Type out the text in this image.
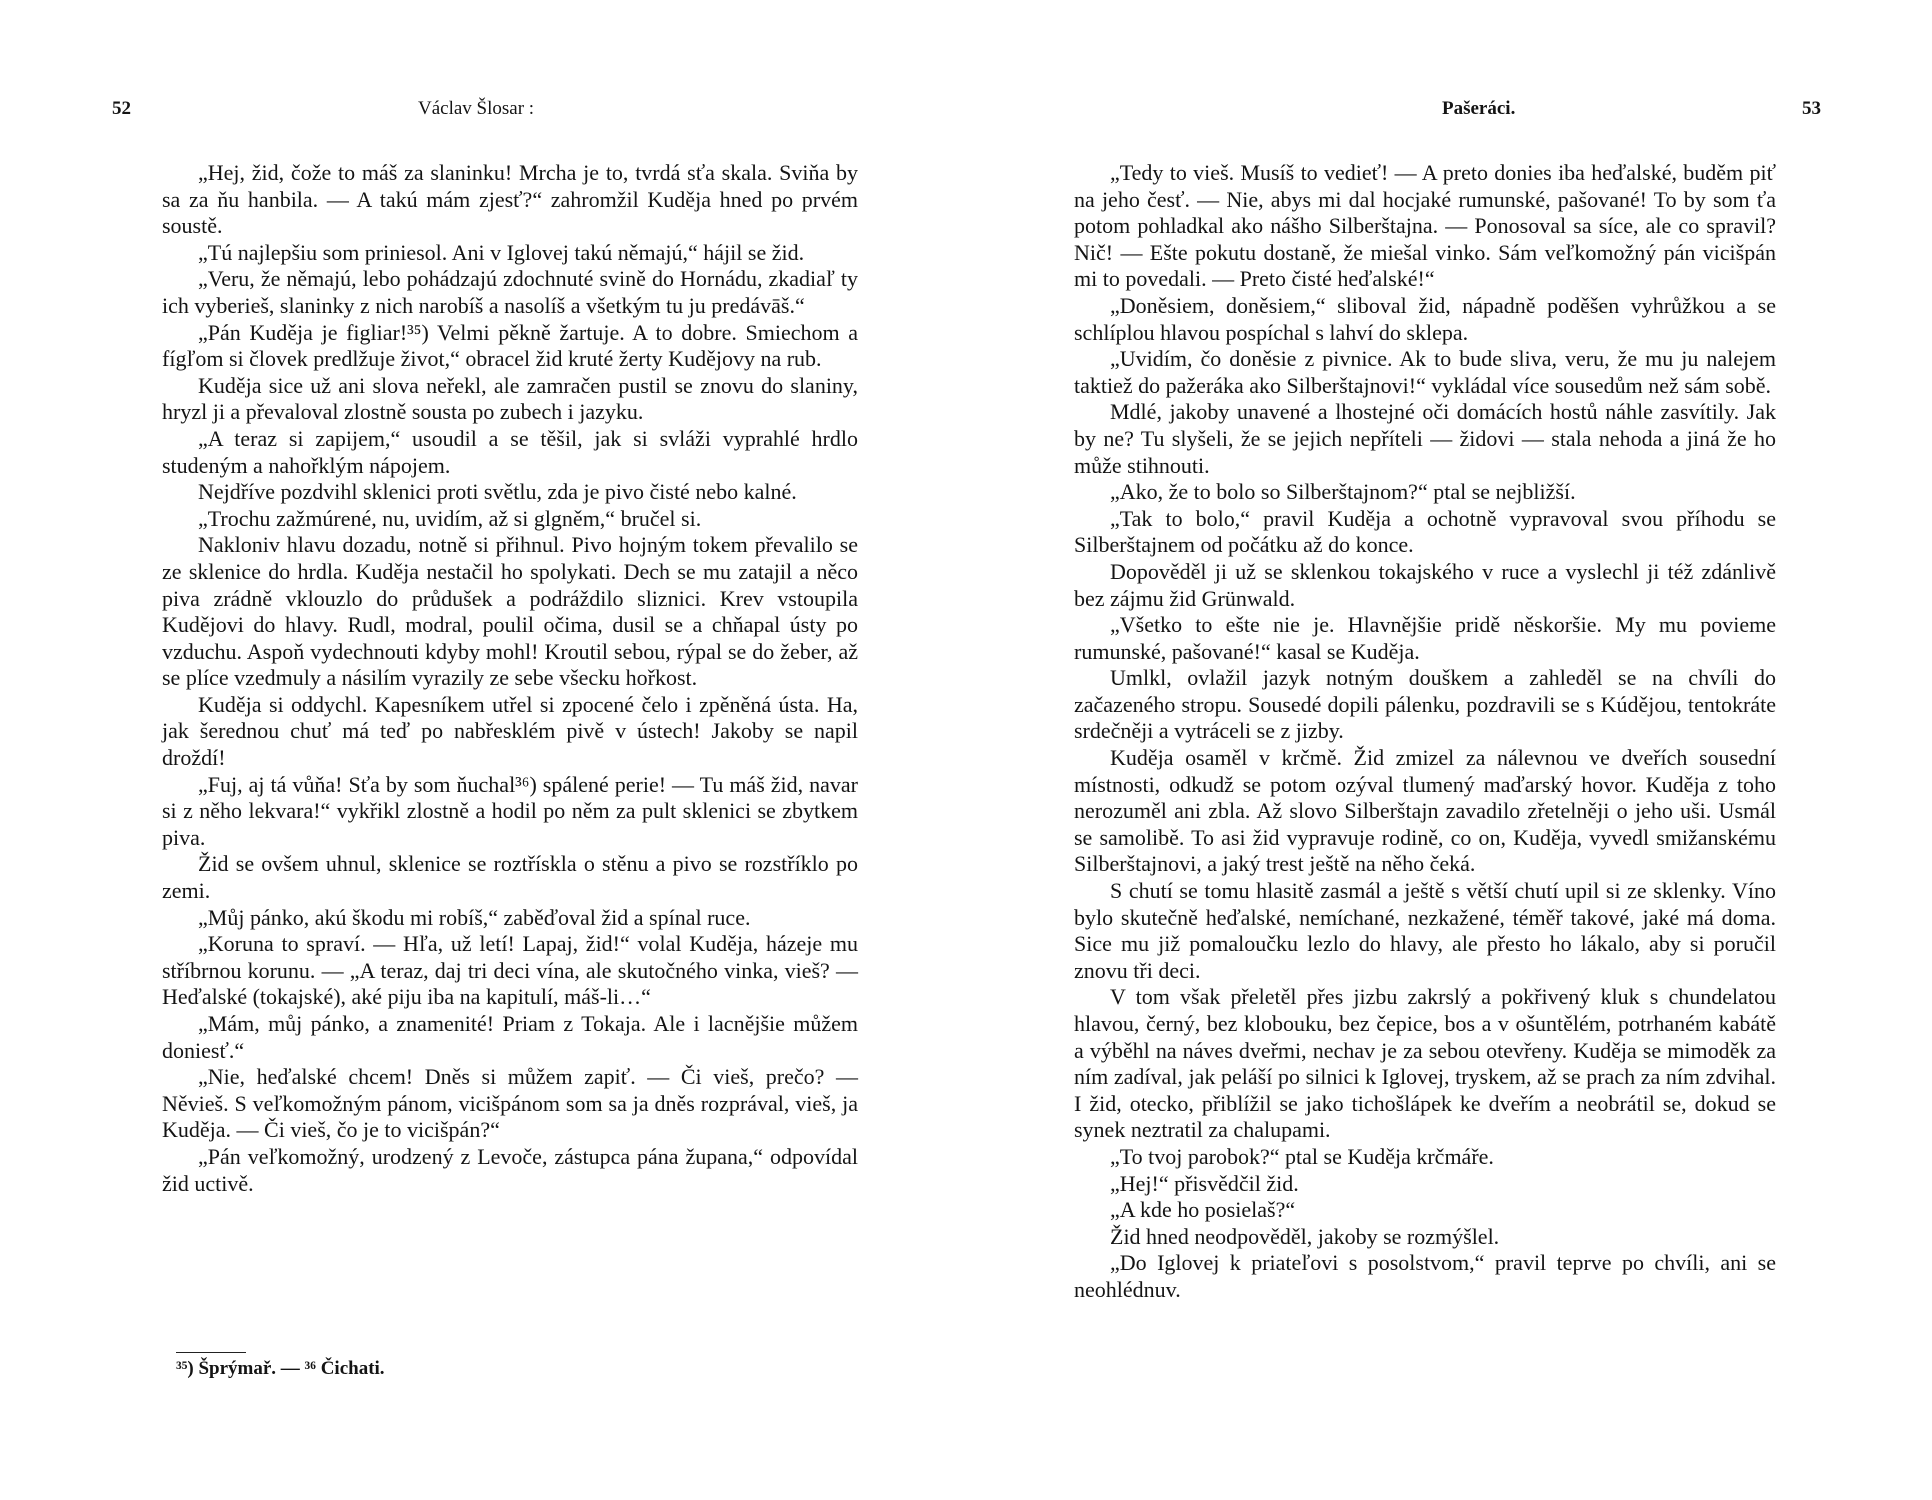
52	Václav Šlosar :

„Hej, žid, čože to máš za slaninku! Mrcha je to, tvrdá sťa skala. Sviňa by sa za ňu hanbila. — A takú mám zjesť?“ zahromžil Kuděja hned po prvém soustě.

„Tú najlepšiu som priniesol. Ani v Iglovej takú němajú,“ hájil se žid.

„Veru, že němajú, lebo pohádzajú zdochnuté svině do Hornádu, zkadiaľ ty ich vyberieš, slaninky z nich narobíš a nasolíš a všetkým tu ju predávāš.“

„Pán Kuděja je figliar!³⁵) Velmi pěkně žartuje. A to dobre. Smiechom a fígľom si človek predlžuje život,“ obracel žid kruté žerty Kudějovy na rub.

Kuděja sice už ani slova neřekl, ale zamračen pustil se znovu do slaniny, hryzl ji a převaloval zlostně sousta po zubech i jazyku.

„A teraz si zapijem,“ usoudil a se těšil, jak si svláži vyprahlé hrdlo studeným a nahořklým nápojem.

Nejdříve pozdvihl sklenici proti světlu, zda je pivo čisté nebo kalné.

„Trochu zažmúrené, nu, uvidím, až si glgněm,“ bručel si.

Nakloniv hlavu dozadu, notně si přihnul. Pivo hojným tokem převalilo se ze sklenice do hrdla. Kuděja nestačil ho spolykati. Dech se mu zatajil a něco piva zrádně vklouzlo do průdušek a podráždilo sliznici. Krev vstoupila Kudějovi do hlavy. Rudl, modral, poulil očima, dusil se a chňapal ústy po vzduchu. Aspoň vydechnouti kdyby mohl! Kroutil sebou, rýpal se do žeber, až se plíce vzedmuly a násilím vyrazily ze sebe všecku hořkost.

Kuděja si oddychl. Kapesníkem utřel si zpocené čelo i zpěněná ústa. Ha, jak šerednou chuť má teď po nabřesklém pivě v ústech! Jakoby se napil droždí!

„Fuj, aj tá vůňa! Sťa by som ňuchal³⁶) spálené perie! — Tu máš žid, navar si z něho lekvara!“ vykřikl zlostně a hodil po něm za pult sklenici se zbytkem piva.

Žid se ovšem uhnul, sklenice se roztřískla o stěnu a pivo se rozstříklo po zemi.

„Můj pánko, akú škodu mi robíš,“ zaběďoval žid a spínal ruce.

„Koruna to spraví. — Hľa, už letí! Lapaj, žid!“ volal Kuděja, házeje mu stříbrnou korunu. — „A teraz, daj tri deci vína, ale skutočného vinka, vieš? — Heďalské (tokajské), aké piju iba na kapitulí, máš-li…“

„Mám, můj pánko, a znamenité! Priam z Tokaja. Ale i lacnějšie můžem doniesť.“

„Nie, heďalské chcem! Dněs si můžem zapiť. — Či vieš, prečo? — Něvieš. S veľkomožným pánom, vicišpánom som sa ja dněs rozprával, vieš, ja Kuděja. — Či vieš, čo je to vicišpán?“

„Pán veľkomožný, urodzený z Levoče, zástupca pána župana,“ odpovídal žid uctivě.

³⁵) Šprýmař. — ³⁶ Čichati.
Pašeráci.	53

„Tedy to vieš. Musíš to vedieť! — A preto donies iba heďalské, buděm piť na jeho česť. — Nie, abys mi dal hocjaké rumunské, pašované! To by som ťa potom pohladkal ako nášho Silberštajna. — Ponosoval sa síce, ale co spravil? Nič! — Ešte pokutu dostaně, že miešal vinko. Sám veľkomožný pán vicišpán mi to povedali. — Preto čisté heďalské!“

„Doněsiem, doněsiem,“ sliboval žid, nápadně poděšen vyhrůžkou a se schlíplou hlavou pospíchal s lahví do sklepa.

„Uvidím, čo doněsie z pivnice. Ak to bude sliva, veru, že mu ju nalejem taktiež do pažeráka ako Silberštajnovi!“ vykládal více sousedům než sám sobě.

Mdlé, jakoby unavené a lhostejné oči domácích hostů náhle zasvítily. Jak by ne? Tu slyšeli, že se jejich nepříteli — židovi — stala nehoda a jiná že ho může stihnouti.

„Ako, že to bolo so Silberštajnom?“ ptal se nejbližší.

„Tak to bolo,“ pravil Kuděja a ochotně vypravoval svou příhodu se Silberštajnem od počátku až do konce.

Dopověděl ji už se sklenkou tokajského v ruce a vyslechl ji též zdánlivě bez zájmu žid Grünwald.

„Všetko to ešte nie je. Hlavnějšie pridě něskoršie. My mu povieme rumunské, pašované!“ kasal se Kuděja.

Umlkl, ovlažil jazyk notným douškem a zahleděl se na chvíli do začazeného stropu. Sousedé dopili pálenku, pozdravili se s Kúdějou, tentokráte srdečněji a vytráceli se z jizby.

Kuděja osaměl v krčmě. Žid zmizel za nálevnou ve dveřích sousední místnosti, odkudž se potom ozýval tlumený maďarský hovor. Kuděja z toho nerozuměl ani zbla. Až slovo Silberštajn zavadilo zřetelněji o jeho uši. Usmál se samolibě. To asi žid vypravuje rodině, co on, Kuděja, vyvedl smižanskému Silberštajnovi, a jaký trest ještě na něho čeká.

S chutí se tomu hlasitě zasmál a ještě s větší chutí upil si ze sklenky. Víno bylo skutečně heďalské, nemíchané, nezkažené, téměř takové, jaké má doma. Sice mu již pomaloučku lezlo do hlavy, ale přesto ho lákalo, aby si poručil znovu tři deci.

V tom však přeletěl přes jizbu zakrslý a pokřivený kluk s chundelatou hlavou, černý, bez klobouku, bez čepice, bos a v ošuntělém, potrhaném kabátě a výběhl na náves dveřmi, nechav je za sebou otevřeny. Kuděja se mimoděk za ním zadíval, jak peláší po silnici k Iglovej, tryskem, až se prach za ním zdvihal. I žid, otecko, přiblížil se jako tichošlápek ke dveřím a neobrátil se, dokud se synek neztratil za chalupami.

„To tvoj parobok?“ ptal se Kuděja krčmáře.

„Hej!“ přisvědčil žid.

„A kde ho posielaš?“

Žid hned neodpověděl, jakoby se rozmýšlel.

„Do Iglovej k priateľovi s posolstvom,“ pravil teprve po chvíli, ani se neohlédnuv.
